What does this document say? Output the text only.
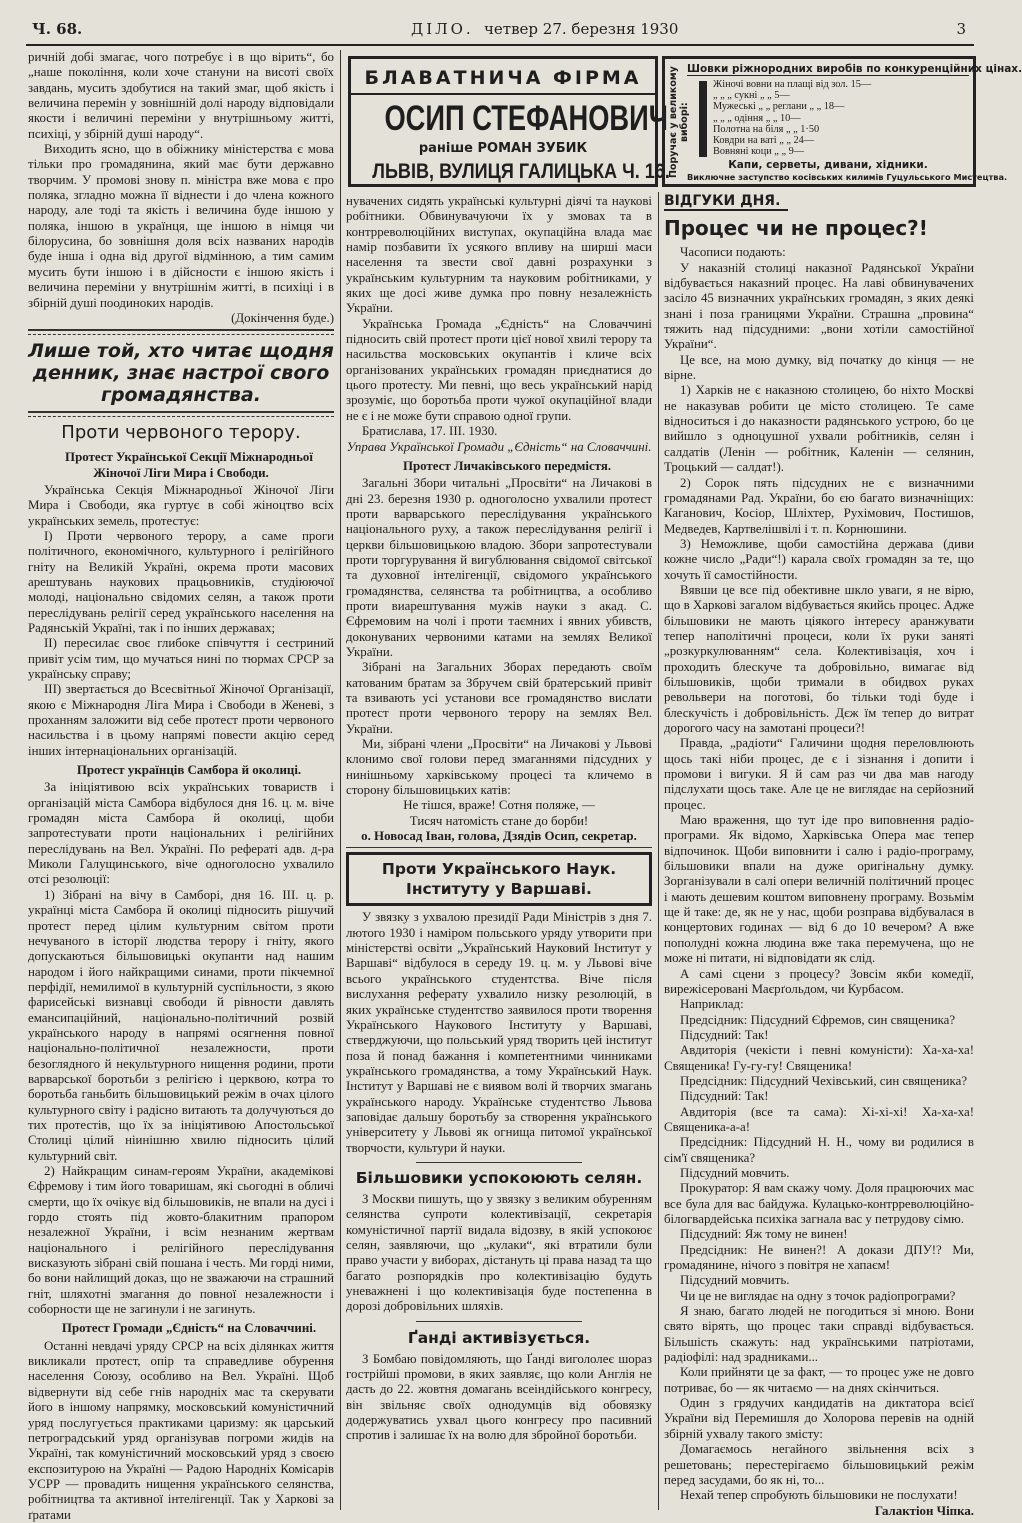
Ч. 68.	ДІЛО. четвер 27. березня 1930	3
БЛАВАТНИЧА ФІРМА
ОСИП СТЕФАНОВИЧ
раніше РОМАН ЗУБИК
ЛЬВІВ, ВУЛИЦЯ ГАЛИЦЬКА Ч. 16.
Поручає у великому виборі:
Шовки ріжнородних виробів по конкуренційних цінах.
Жіночі вовни на плащі від зол. 15—
„ „ „ сукні „ „ 5—
Мужеські „ „ реглани „ „ 18—
„ „ „ одіння „ „ 10—
Полотна на біля „ „ 1·50
Ковдри на ваті „ „ 24—
Вовняні коци „ „ 9—
Капи, серветы, дивани, хідники.
Виключне заступство косівських килимів Гуцульського Мистецтва.

ричній добі змагає, чого потребує і в що вірить“, бо „наше покоління, коли хоче стануни на висоті своїх завдань, мусить здобутися на такий змаг, щоб якість і величина перемін у зовнішній долі народу відповідали якости і величині переміни у внутрішньому житті, психіці, у збірній душі народу“.

Виходить ясно, що в обіжнику міністерства є мова тільки про громадянина, який має бути державно творчим. У промові знову п. міністра вже мова є про поляка, згладно можна її віднести і до члена кожного народу, але тоді та якість і величина буде іншою у поляка, іншою в українця, ще іншою в німця чи білорусина, бо зовнішня доля всіх названих народів буде інша і одна від другої відмінною, а тим самим мусить бути іншою і в дійсности є іншою якість і величина переміни у внутрішнім житті, в психіці і в збірній душі поодиноких народів.

(Докінчення буде.)

Лише той, хто читає щодня денник, знає настрої свого громадянства.
Проти червоного терору.

Протест Української Секції Міжнародньої Жіночої Ліги Мира і Свободи.

Українська Секція Міжнародньої Жіночої Ліги Мира і Свободи, яка гуртує в собі жіноцтво всіх українських земель, протестує:

І) Проти червоного терору, а саме проги політичного, економічного, культурного і релігійного гніту на Великій Україні, окрема проти масових арештувань наукових працьовників, студіюючої молоді, національно свідомих селян, а також проти переслідувань релігії серед українського населення на Радянській Україні, так і по інших державах;

II) пересилає своє глибоке співчуття і сестриний привіт усім тим, що мучаться нині по тюрмах СРСР за українську справу;

III) звертається до Всесвітньої Жіночої Організації, якою є Міжнародня Ліга Мира і Свободи в Женеві, з проханням заложити від себе протест проти червоного насильства і в цьому напрямі повести акцію серед інших інтернаціональних організацій.

Протест українців Самбора й околиці.

За ініціятивою всіх українських товариств і організацій міста Самбора відбулося дня 16. ц. м. віче громадян міста Самбора й околиці, щоби запротестувати проти національних і релігійних переслідувань на Вел. Україні. По рефераті адв. д-ра Миколи Галущинського, віче одноголосно ухвалило отсі резолюції:

1) Зібрані на вічу в Самборі, дня 16. III. ц. р. українці міста Самбора й околиці підносить рішучий протест перед цілим культурним світом проти нечуваного в історії людства терору і гніту, якого допускаються більшовицькі окупанти над нашим народом і його найкращими синами, проти пікчемної перфідії, немилимої в культурній суспільности, з якою фарисейські визнавці свободи й рівности давлять емансипаційний, національно-політичний розвій українського народу в напрямі осягнення повної національно-політичної незалежности, проти безоглядного й некультурного нищення родини, проти варварської боротьби з релігією і церквою, котра то боротьба ганьбить більшовицький режім в очах цілого культурного світу і радісно витають та долучуються до тих протестів, що їх за ініціятивою Апостольської Столиці цілий ніинішню хвилю підносить цілий культурний світ.

2) Найкращим синам-героям України, академікові Єфремову і тим його товаришам, які сьогодні в обличі смерти, що їх очікує від більшовиків, не впали на дусі і гордо стоять під жовто-блакитним прапором незалежної України, і всім незнаним жертвам національного і релігійного переслідування висказують зібрані свій пошана і честь. Ми горді ними, бо вони найлищий доказ, що не зважаючи на страшний гніт, шляхотні змагання до повної незалежности і соборности ще не загинули і не загинуть.

Протест Громади „Єдність“ на Словаччині.

Останні невдачі уряду СРСР на всіх ділянках життя викликали протест, опір та справедливе обурення населення Союзу, особливо на Вел. Україні. Щоб відвернути від себе гнів народніх мас та скерувати його в іншому напрямку, московський комуністичний уряд послугується практиками царизму: як царський петроградський уряд організував погроми жидів на Україні, так комуністичний московський уряд з своєю експозитурою на Україні — Радою Народніх Комісарів УСРР — провадить нищення українського селянства, робітництва та активної інтелігенції. Так у Харкові за ґратами

нувачених сидять українські культурні діячі та наукові робітники. Обвинувачуючи їх у змовах та в контрреволюційних виступах, окупаційна влада має намір позбавити їх усякого впливу на ширші маси населення та звести свої давні розрахунки з українським культурним та науковим робітниками, у яких ще досі живе думка про повну незалежність України.

Українська Громада „Єдність“ на Словаччині підносить свій протест проти цієї нової хвилі терору та насильства московських окупантів і кличе всіх організованих українських громадян приєднатися до цього протесту. Ми певні, що весь український нарід зрозуміє, що боротьба проти чужої окупаційної влади не є і не може бути справою одної групи.

Братислава, 17. III. 1930.

Управа Української Громади „Єдність“ на Словаччині.

Протест Личаківського передмістя.

Загальні Збори читальні „Просвіти“ на Личакові в дні 23. березня 1930 р. одноголосно ухвалили протест проти варварського переслідування українського національного руху, а також переслідування релігії і церкви більшовицькою владою. Збори запротестували проти торгурування й вигублювання свідомої світської та духовної інтелігенції, свідомого українського громадянства, селянства та робітництва, а особливо проти виарештування мужів науки з акад. С. Єфремовим на чолі і проти таємних і явних убивств, доконуваних червоними катами на землях Великої України.

Зібрані на Загальних Зборах передають своїм катованим братам за Збручем свій братерський привіт та взивають усі установи все громадянство вислати протест проти червоного терору на землях Вел. України.

Ми, зібрані члени „Просвіти“ на Личакові у Львові клонимо свої голови перед змаганнями підсудних у нинішньому харківському процесі та кличемо в сторону більшовицьких катів:

Не тішся, враже! Сотня поляже, —

Тисяч натомість стане до борби!

о. Новосад Іван, голова, Дзядів Осип, секретар.

Проти Українського Наук. Інституту у Варшаві.

У звязку з ухвалою президії Ради Міністрів з дня 7. лютого 1930 і наміром польського уряду утворити при міністерстві освіти „Український Науковий Інститут у Варшаві“ відбулося в середу 19. ц. м. у Львові віче всього українського студентства. Віче після вислухання реферату ухвалило низку резолюцій, в яких українське студентство заявилося проти творення Українського Наукового Інституту у Варшаві, стверджуючи, що польський уряд творить цей інститут поза й понад бажання і компетентними чинниками українського громадянства, а тому Український Наук. Інститут у Варшаві не є виявом волі й творчих змагань українського народу. Українське студентство Львова заповідає дальшу боротьбу за створення українського університету у Львові як огнища питомої української творчости, культури й науки.

Більшовики успокоюють селян.

З Москви пишуть, що у звязку з великим обуренням селянства супроти колективізації, секретарія комуністичної партії видала відозву, в якій успокоює селян, заявляючи, що „кулаки“, які втратили були право участи у виборах, дістануть ці права назад та що багато розпорядків про колективізацію будуть уневажнені і що колективізація буде постепенна в дорозі добровільних шляхів.

Ґанді активізується.

З Бомбаю повідомляють, що Ґанді вигололеє шораз гострійші промови, в яких заявляє, що коли Англія не дасть до 22. жовтня домагань всеіндійського конгресу, він звільняє своїх однодумців від обовязку додержуватись ухвал цього конгресу про пасивний спротив і залишає їх на волю для збройної боротьби.

ВІДГУКИ ДНЯ.
Процес чи не процес?!

Часописи подають:

У наказній столиці наказної Радянської України відбувається наказний процес. На лаві обвинувачених засіло 45 визначних українських громадян, з яких деякі знані і поза границями України. Страшна „провина“ тяжить над підсудними: „вони хотіли самостійної України“.

Це все, на мою думку, від початку до кінця — не вірне.

1) Харків не є наказною столицею, бо ніхто Москві не наказував робити це місто столицею. Те саме відноситься і до наказности радянського устрою, бо це вийшло з одноцушної ухвали робітників, селян і салдатів (Ленін — робітник, Каленін — селянин, Троцький — салдат!).

2) Сорок пять підсудних не є визначними громадянами Рад. України, бо єю багато визначніщих: Каганович, Косіор, Шліхтер, Рухімович, Постишов, Медведев, Картвелішвілі і т. п. Корнюшини.

3) Неможливе, щоби самостійна держава (диви кожне число „Ради“!) карала своїх громадян за те, що хочуть її самостійности.

Вявши це все під обективне шкло уваги, я не вірю, що в Харкові загалом відбувається якийсь процес. Адже більшовики не мають ціякого інтересу аранжувати тепер наполітичні процеси, коли їх руки заняті „розкуркулюванням“ села. Колективізація, хоч і проходить блескуче та добровільно, вимагає від більшовиків, щоби тримали в обидвох руках револьвери на поготові, бо тільки тоді буде і блескучість і добровільність. Дєж їм тепер до витрат дорогого часу на замотані процеси?!

Правда, „радіоти“ Галичини щодня переловлюють щось такі ніби процес, де є і зізнання і допити і промови і вигуки. Я й сам раз чи два мав нагоду підслухати щось таке. Але це не виглядає на серйозний процес.

Маю враження, що тут іде про виповнення радіо-програми. Як відомо, Харківська Опера має тепер відпочинок. Щоби виповнити і салю і радіо-програму, більшовики впали на дуже оригінальну думку. Зорганізували в салі опери величній політичний процес і мають дешевим коштом виповнену програму. Возьмім ще й таке: де, як не у нас, щоби розправа відбувалася в концертових годинах — від 6 до 10 вечером? А вже пополудні кожна людина вже така перемучена, що не може ні питати, ні відповідати як слід.

А самі сцени з процесу? Зовсім якби комедії, вирежісеровані Маєрґольдом, чи Курбасом.

Наприклад:

Предсідник: Підсудний Єфремов, син священика?

Підсудний: Так!

Авдиторія (чекісти і певні комуністи): Ха-ха-ха! Священика! Гу-гу-гу! Священика!

Предсідник: Підсудний Чехівський, син священика?

Підсудний: Так!

Авдиторія (все та сама): Хі-хі-хі! Ха-ха-ха! Священика-а-а!

Предсідник: Підсудний Н. Н., чому ви родилися в сім'ї священика?

Підсудний мовчить.

Прокуратор: Я вам скажу чому. Доля працюючих мас все була для вас байдужа. Кулацько-контрреволюційно-білогвардейська психіка загнала вас у петрудову сімю.

Підсудний: Яж тому не винен!

Предсідник: Не винен?! А докази ДПУ!? Ми, громадянине, нічого з повітря не хапаєм!

Підсудний мовчить.

Чи це не виглядає на одну з точок радіопрограми?

Я знаю, багато людей не погодиться зі мною. Вони свято вірять, що процес таки справді відбувається. Більшість скажуть: над українськими патріотами, радіофілі: над зрадниками...

Коли прийняти це за факт, — то процес уже не довго потриває, бо — як читаємо — на днях скінчиться.

Один з грядучих кандидатів на диктатора всієї України від Перемишля до Холорова перевів на одній збірній ухвалу такого змісту:

Домагаємось негайного звільнення всіх з решетовань; перестерігаємо більшовицький режім перед засудами, бо як ні, то...

Нехай тепер спробують більшовики не послухати!

Галактіон Чіпка.
